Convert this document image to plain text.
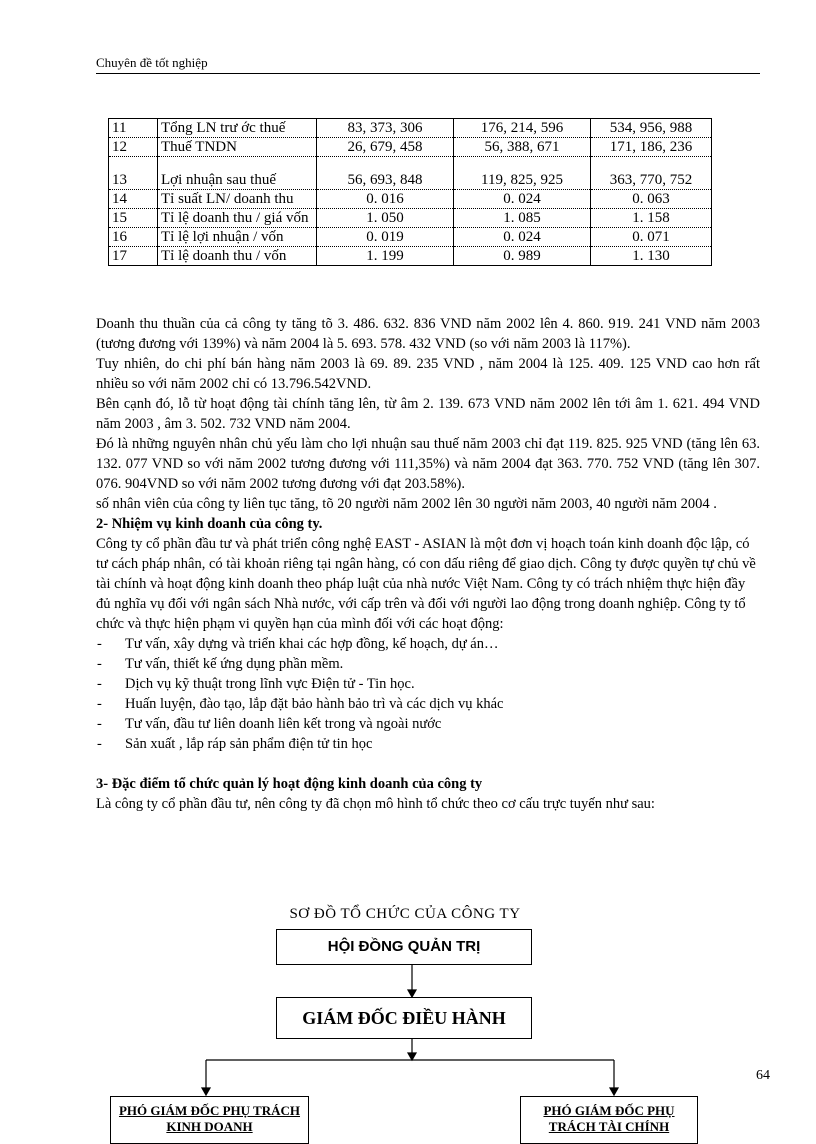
Chuyên đề tốt nghiệp
11	Tổng LN trư ớc thuế	83, 373, 306	176, 214, 596	534, 956, 988
12	Thuế TNDN	26, 679, 458	56, 388, 671	171, 186, 236
13	Lợi nhuận sau thuế	56, 693, 848	119, 825, 925	363, 770, 752
14	Tỉ suất LN/ doanh thu	0. 016	0. 024	0. 063
15	Tỉ lệ doanh thu / giá vốn	1. 050	1. 085	1. 158
16	Tỉ lệ lợi nhuận / vốn	0. 019	0. 024	0. 071
17	Tỉ lệ doanh thu / vốn	1. 199	0. 989	1. 130

Doanh thu thuần của cả công ty tăng tõ 3. 486. 632. 836 VND năm 2002 lên 4. 860. 919. 241 VND năm 2003 (tương đương với 139%) và năm 2004 là 5. 693. 578. 432 VND (so với năm 2003 là 117%).

Tuy nhiên, do chi phí bán hàng năm 2003 là 69. 89. 235 VND , năm 2004 là 125. 409. 125 VND cao hơn rất nhiều so với năm 2002 chỉ có 13.796.542VND.

Bên cạnh đó, lỗ từ hoạt động tài chính tăng lên, từ âm 2. 139. 673 VND năm 2002 lên tới âm 1. 621. 494 VND năm 2003 , âm 3. 502. 732 VND năm 2004.

Đó là những nguyên nhân chủ yếu làm cho lợi nhuận sau thuế năm 2003 chỉ đạt 119. 825. 925 VND (tăng lên 63. 132. 077 VND so với năm 2002 tương đương với 111,35%) và năm 2004 đạt 363. 770. 752 VND (tăng lên 307. 076. 904VND so với năm 2002 tương đương với đạt 203.58%).

số nhân viên của công ty liên tục tăng, tõ 20 người năm 2002 lên 30 người năm 2003, 40 người năm 2004 .

2- Nhiệm vụ kinh doanh của công ty.

Công ty cổ phần đầu tư và phát triển công nghệ EAST - ASIAN là một đơn vị hoạch toán kinh doanh độc lập, có tư cách pháp nhân, có tài khoản riêng tại ngân hàng, có con dấu riêng để giao dịch. Công ty được quyền tự chủ về tài chính và hoạt động kinh doanh theo pháp luật của nhà nước Việt Nam. Công ty có trách nhiệm thực hiện đầy đủ nghĩa vụ đối với ngân sách Nhà nước, với cấp trên và đối với người lao động trong doanh nghiệp. Công ty tổ chức và thực hiện phạm vi quyền hạn của mình đối với các hoạt động:

- Tư vấn, xây dựng và triển khai các hợp đồng, kế hoạch, dự án…
- Tư vấn, thiết kế ứng dụng phần mềm.
- Dịch vụ kỹ thuật trong lĩnh vực Điện tử - Tin học.
- Huấn luyện, đào tạo, lắp đặt bảo hành bảo trì và các dịch vụ khác
- Tư vấn, đầu tư liên doanh liên kết trong và ngoài nước
- Sản xuất , lắp ráp sản phẩm điện tử tin học
3- Đặc điểm tổ chức quản lý hoạt động kinh doanh của công ty

Là công ty cổ phần đầu tư, nên công ty đã chọn mô hình tổ chức theo cơ cấu trực tuyến như sau:

SƠ ĐỒ TỔ CHỨC CỦA CÔNG TY
HỘI ĐỒNG QUẢN TRỊ
GIÁM ĐỐC ĐIỀU HÀNH
PHÓ GIÁM ĐỐC PHỤ TRÁCH KINH DOANH
PHÓ GIÁM ĐỐC PHỤ TRÁCH TÀI CHÍNH
64
